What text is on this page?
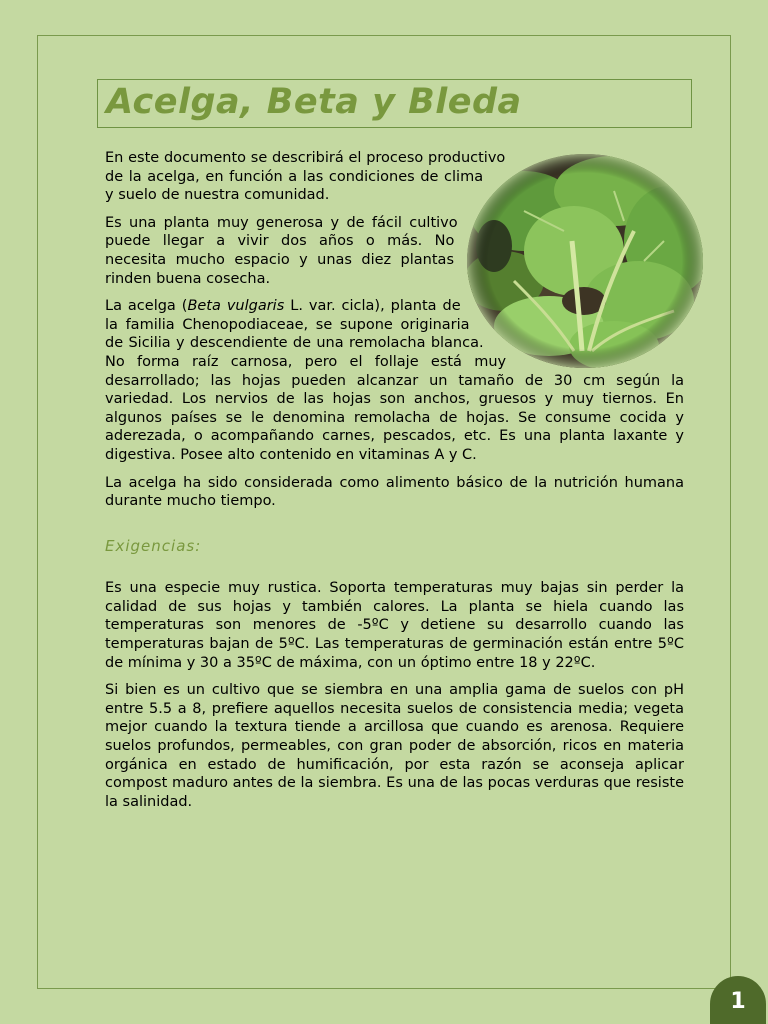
Acelga, Beta y Bleda

En este documento se describirá el proceso productivo de la acelga, en función a las condiciones de clima y suelo de nuestra comunidad.

Es una planta muy generosa y de fácil cultivo puede llegar a vivir dos años o más. No necesita mucho espacio y unas diez plantas rinden buena cosecha.

La acelga (Beta vulgaris L. var. cicla), planta de la familia Chenopodiaceae, se supone originaria de Sicilia y descendiente de una remolacha blanca. No forma raíz carnosa, pero el follaje está muy desarrollado; las hojas pueden alcanzar un tamaño de 30 cm según la variedad. Los nervios de las hojas son anchos, gruesos y muy tiernos. En algunos países se le denomina remolacha de hojas. Se consume cocida y aderezada, o acompañando carnes, pescados, etc. Es una planta laxante y digestiva. Posee alto contenido en vitaminas A y C.

La acelga ha sido considerada como alimento básico de la nutrición humana durante mucho tiempo.

Exigencias:

Es una especie muy rustica. Soporta temperaturas muy bajas sin perder la calidad de sus hojas y también calores. La planta se hiela cuando las temperaturas son menores de -5ºC y detiene su desarrollo cuando las temperaturas bajan de 5ºC. Las temperaturas de germinación están entre 5ºC de mínima y 30 a 35ºC de máxima, con un óptimo entre 18 y 22ºC.

Si bien es un cultivo que se siembra en una amplia gama de suelos con pH entre 5.5 a 8, prefiere aquellos necesita suelos de consistencia media; vegeta mejor cuando la textura tiende a arcillosa que cuando es arenosa. Requiere suelos profundos, permeables, con gran poder de absorción, ricos en materia orgánica en estado de humificación, por esta razón se aconseja aplicar compost maduro antes de la siembra. Es una de las pocas verduras que resiste la salinidad.

1
